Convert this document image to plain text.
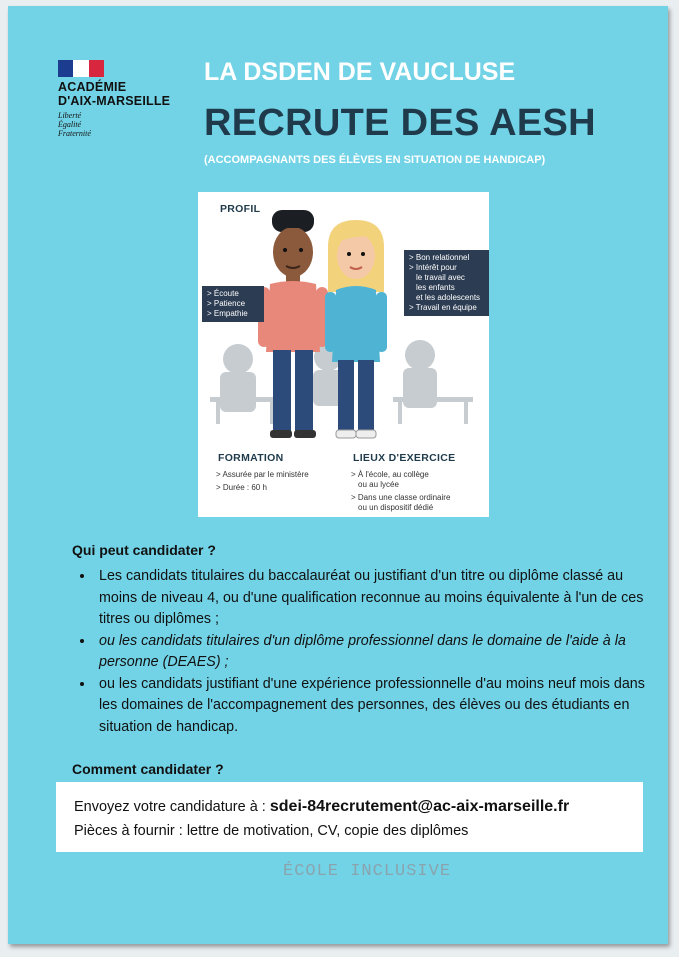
ACADÉMIE
D'AIX-MARSEILLE
Liberté
Égalité
Fraternité
LA DSDEN DE VAUCLUSE
RECRUTE DES AESH
(ACCOMPAGNANTS DES ÉLÈVES EN SITUATION DE HANDICAP)
PROFIL
> Écoute
> Patience
> Empathie
> Bon relationnel
> Intérêt pour
le travail avec
les enfants
et les adolescents
> Travail en équipe
FORMATION
> Assurée par le ministère
> Durée : 60 h
LIEUX D'EXERCICE
> À l'école, au collège
ou au lycée
> Dans une classe ordinaire
ou un dispositif dédié
Qui peut candidater ?
• Les candidats titulaires du baccalauréat ou justifiant d'un titre ou diplôme classé au moins de niveau 4, ou d'une qualification reconnue au moins équivalente à l'un de ces titres ou diplômes ;
• ou les candidats titulaires d'un diplôme professionnel dans le domaine de l'aide à la personne (DEAES) ;
• ou les candidats justifiant d'une expérience professionnelle d'au moins neuf mois dans les domaines de l'accompagnement des personnes, des élèves ou des étudiants en situation de handicap.
Comment candidater ?
Envoyez votre candidature à : sdei-84recrutement@ac-aix-marseille.fr
Pièces à fournir : lettre de motivation, CV, copie des diplômes
ÉCOLE INCLUSIVE
